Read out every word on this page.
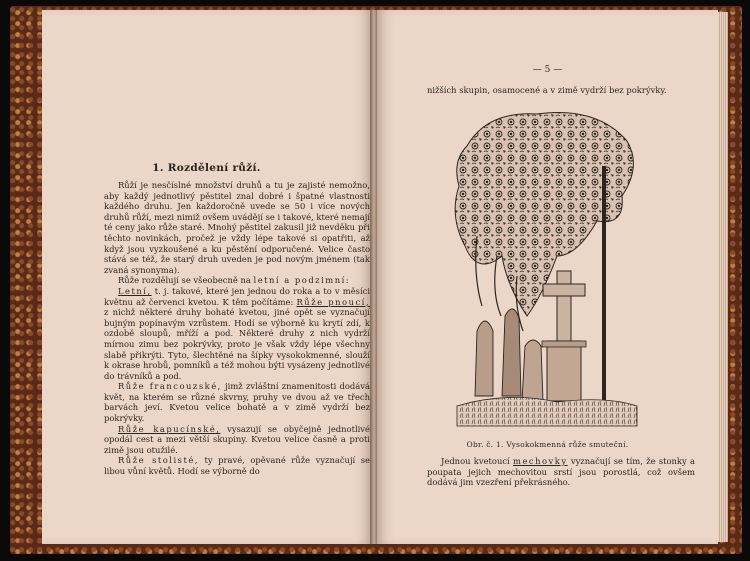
1. Rozdělení růží.

Růží je nesčíslné množství druhů a tu je zajisté nemožno, aby každý jednotlivý pěstitel znal dobré i špatné vlastnosti každého druhu. Jen každoročně uvede se 50 i více nových druhů růží, mezi nimiž ovšem uvádějí se i takové, které nemají té ceny jako růže staré. Mnohý pěstitel zakusil již nevděku při těchto novinkách, pročež je vždy lépe takové si opatřiti, až když jsou vyzkoušené a ku pěstění odporučené. Velice často stává se též, že starý druh uveden je pod novým jménem (tak zvaná synonyma).

Růže rozdělují se všeobecně na letní a podzimní:

Letní, t. j. takové, které jen jednou do roka a to v měsíci květnu až červenci kvetou. K těm počítáme: Růže pnoucí, z nichž některé druhy bohaté kvetou, jiné opět se vyznačují bujným popínavým vzrůstem. Hodí se výborně ku krytí zdí, k ozdobě sloupů, mříží a pod. Některé druhy z nich vydrží mírnou zimu bez pokrývky, proto je však vždy lépe všechny slabě přikrýti. Tyto, šlechtěné na šípky vysokokmenné, slouží k okrase hrobů, pomníků a též mohou býti vysázeny jednotlivé do trávníků a pod.

Růže francouzské, jimž zvláštní znamenitosti dodává květ, na kterém se různé skvrny, pruhy ve dvou až ve třech barvách jeví. Kvetou velice bohatě a v zimě vydrží bez pokrývky.

Růže kapucínské, vysazují se obyčejně jednotlivé opodál cest a mezi větší skupiny. Kvetou velice časně a proti zimě jsou otužilé.

Růže stolisté, ty pravé, opěvané růže vyznačují se libou vůní květů. Hodí se výborně do

— 5 —

nižších skupin, osamocené a v zimě vydrží bez pokrývky.

Obr. č. 1. Vysokokmenná růže smuteční.

Jednou kvetoucí mechovky vyznačují se tím, že stonky a poupata jejich mechovitou srstí jsou porostlá, což ovšem dodává jim vzezření překrásného.
